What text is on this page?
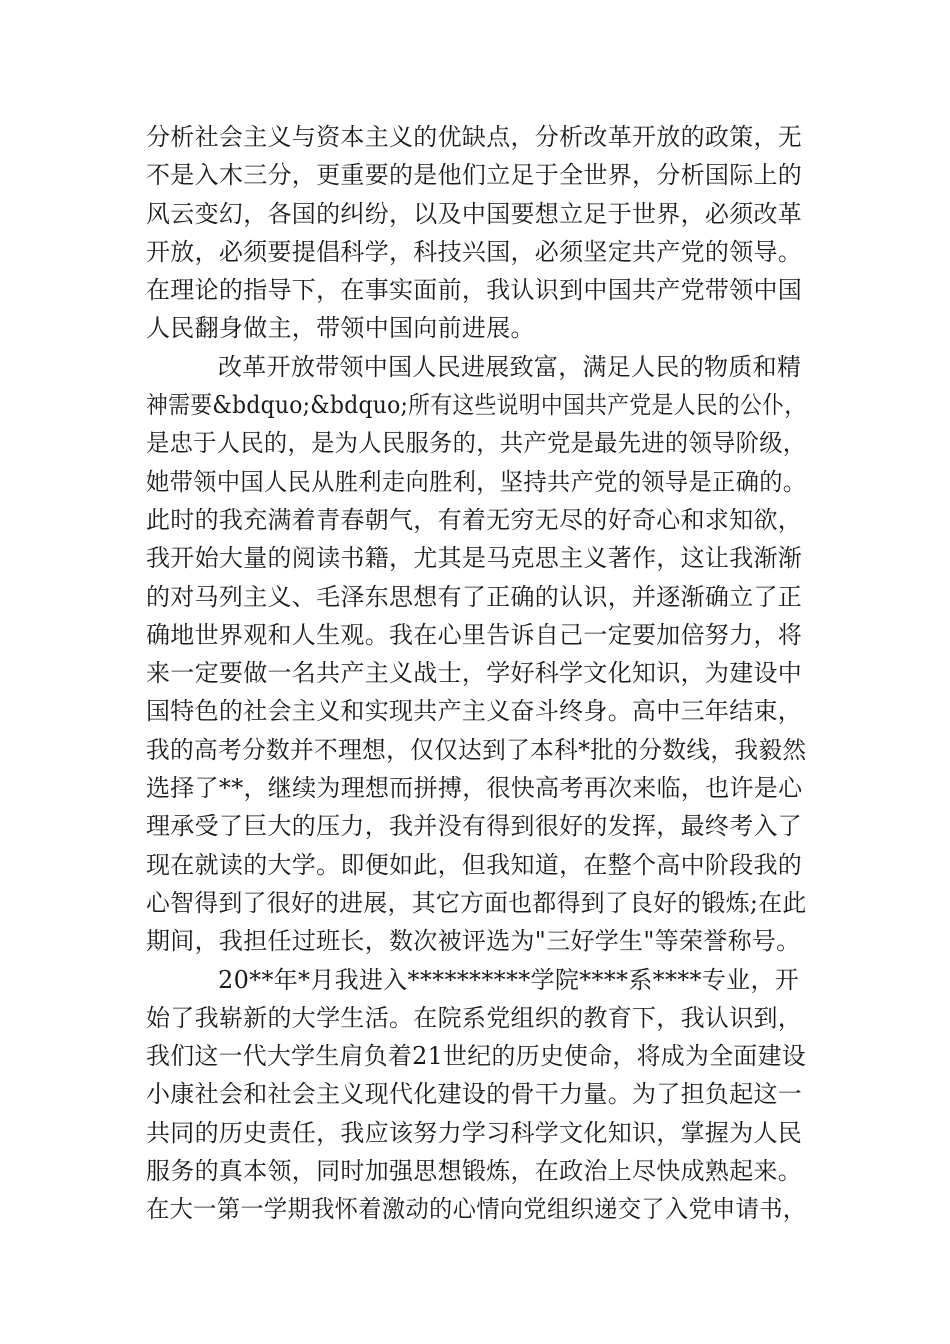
分析社会主义与资本主义的优缺点，分析改革开放的政策，无
不是入木三分，更重要的是他们立足于全世界，分析国际上的
风云变幻，各国的纠纷，以及中国要想立足于世界，必须改革
开放，必须要提倡科学，科技兴国，必须坚定共产党的领导。
在理论的指导下，在事实面前，我认识到中国共产党带领中国
人民翻身做主，带领中国向前进展。
改革开放带领中国人民进展致富，满足人民的物质和精
神需要&bdquo;&bdquo;所有这些说明中国共产党是人民的公仆，
是忠于人民的，是为人民服务的，共产党是最先进的领导阶级，
她带领中国人民从胜利走向胜利，坚持共产党的领导是正确的。
此时的我充满着青春朝气，有着无穷无尽的好奇心和求知欲，
我开始大量的阅读书籍，尤其是马克思主义著作，这让我渐渐
的对马列主义、毛泽东思想有了正确的认识，并逐渐确立了正
确地世界观和人生观。我在心里告诉自己一定要加倍努力，将
来一定要做一名共产主义战士，学好科学文化知识，为建设中
国特色的社会主义和实现共产主义奋斗终身。高中三年结束，
我的高考分数并不理想，仅仅达到了本科*批的分数线，我毅然
选择了**，继续为理想而拼搏，很快高考再次来临，也许是心
理承受了巨大的压力，我并没有得到很好的发挥，最终考入了
现在就读的大学。即便如此，但我知道，在整个高中阶段我的
心智得到了很好的进展，其它方面也都得到了良好的锻炼;在此
期间，我担任过班长，数次被评选为"三好学生"等荣誉称号。
20**年*月我进入**********学院****系****专业，开
始了我崭新的大学生活。在院系党组织的教育下，我认识到，
我们这一代大学生肩负着21世纪的历史使命，将成为全面建设
小康社会和社会主义现代化建设的骨干力量。为了担负起这一
共同的历史责任，我应该努力学习科学文化知识，掌握为人民
服务的真本领，同时加强思想锻炼，在政治上尽快成熟起来。
在大一第一学期我怀着激动的心情向党组织递交了入党申请书，
